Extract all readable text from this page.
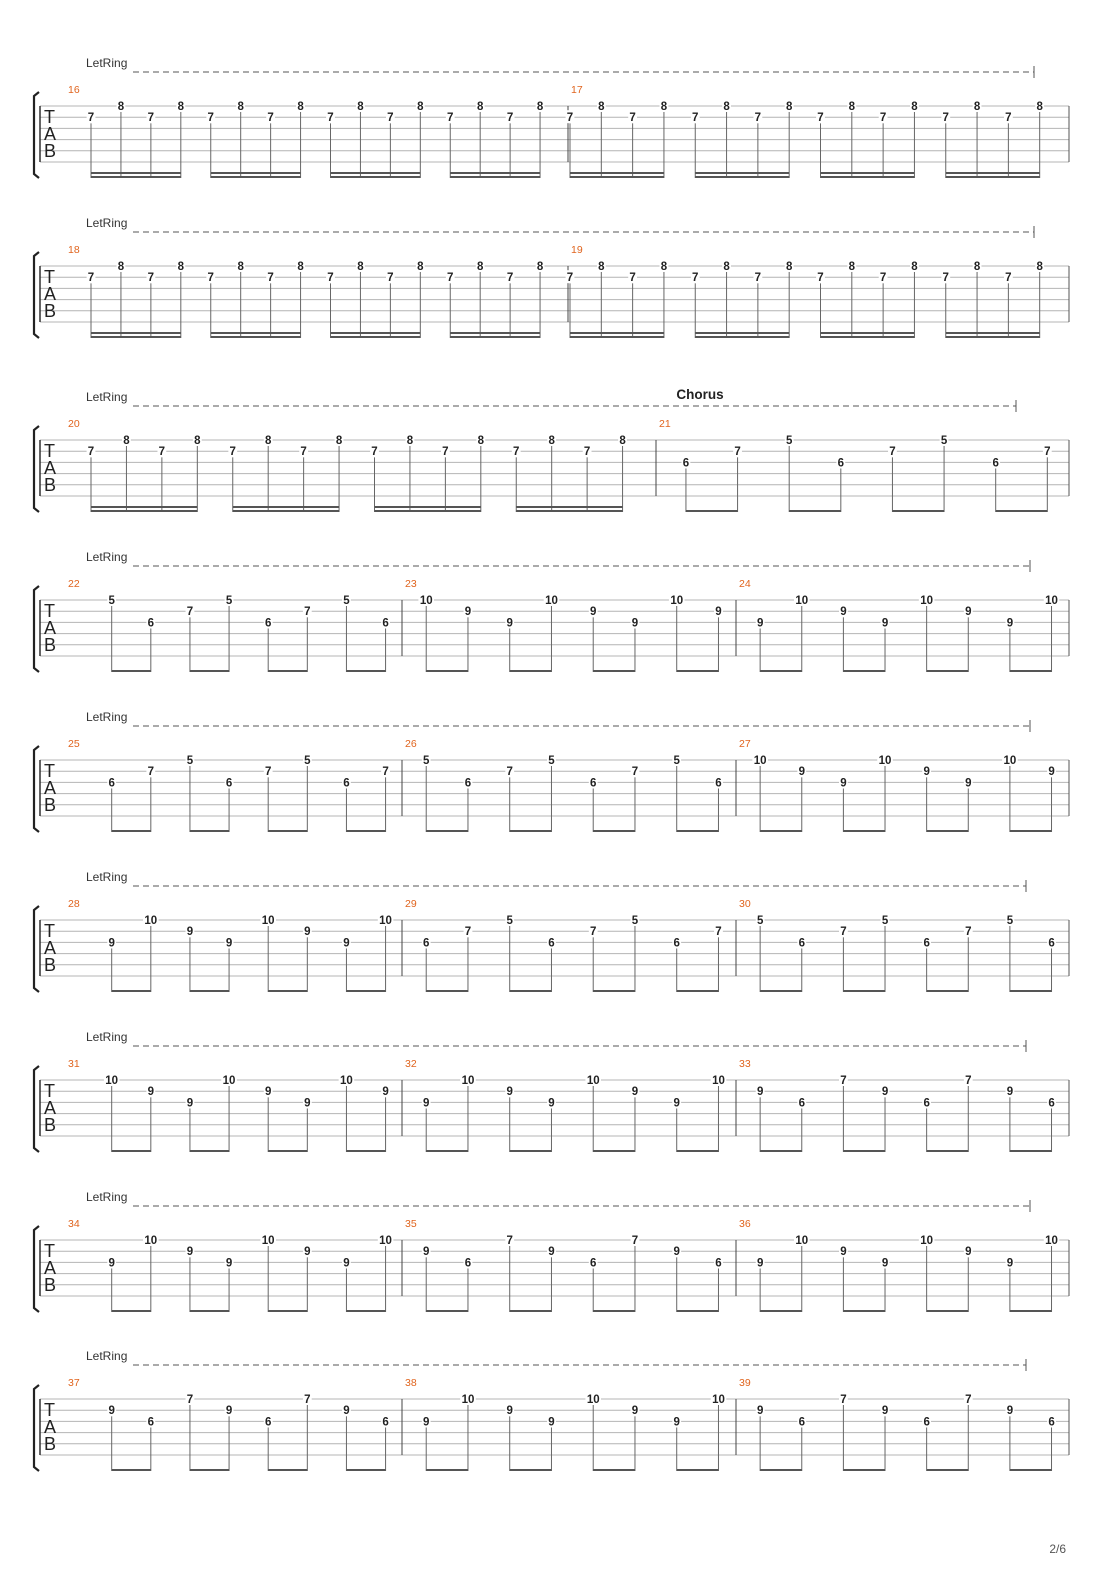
LetRing
T
A
B
16
7
8
7
8
7
8
7
8
7
8
7
8
7
8
7
8
17
7
8
7
8
7
8
7
8
7
8
7
8
7
8
7
8
LetRing
T
A
B
18
7
8
7
8
7
8
7
8
7
8
7
8
7
8
7
8
19
7
8
7
8
7
8
7
8
7
8
7
8
7
8
7
8
LetRing
T
A
B
Chorus
20
7
8
7
8
7
8
7
8
7
8
7
8
7
8
7
8
21
6
7
5
6
7
5
6
7
LetRing
T
A
B
22
5
6
7
5
6
7
5
6
23
10
9
9
10
9
9
10
9
24
9
10
9
9
10
9
9
10
LetRing
T
A
B
25
6
7
5
6
7
5
6
7
26
5
6
7
5
6
7
5
6
27
10
9
9
10
9
9
10
9
LetRing
T
A
B
28
9
10
9
9
10
9
9
10
29
6
7
5
6
7
5
6
7
30
5
6
7
5
6
7
5
6
LetRing
T
A
B
31
10
9
9
10
9
9
10
9
32
9
10
9
9
10
9
9
10
33
9
6
7
9
6
7
9
6
LetRing
T
A
B
34
9
10
9
9
10
9
9
10
35
9
6
7
9
6
7
9
6
36
9
10
9
9
10
9
9
10
LetRing
T
A
B
37
9
6
7
9
6
7
9
6
38
9
10
9
9
10
9
9
10
39
9
6
7
9
6
7
9
6
2/6
